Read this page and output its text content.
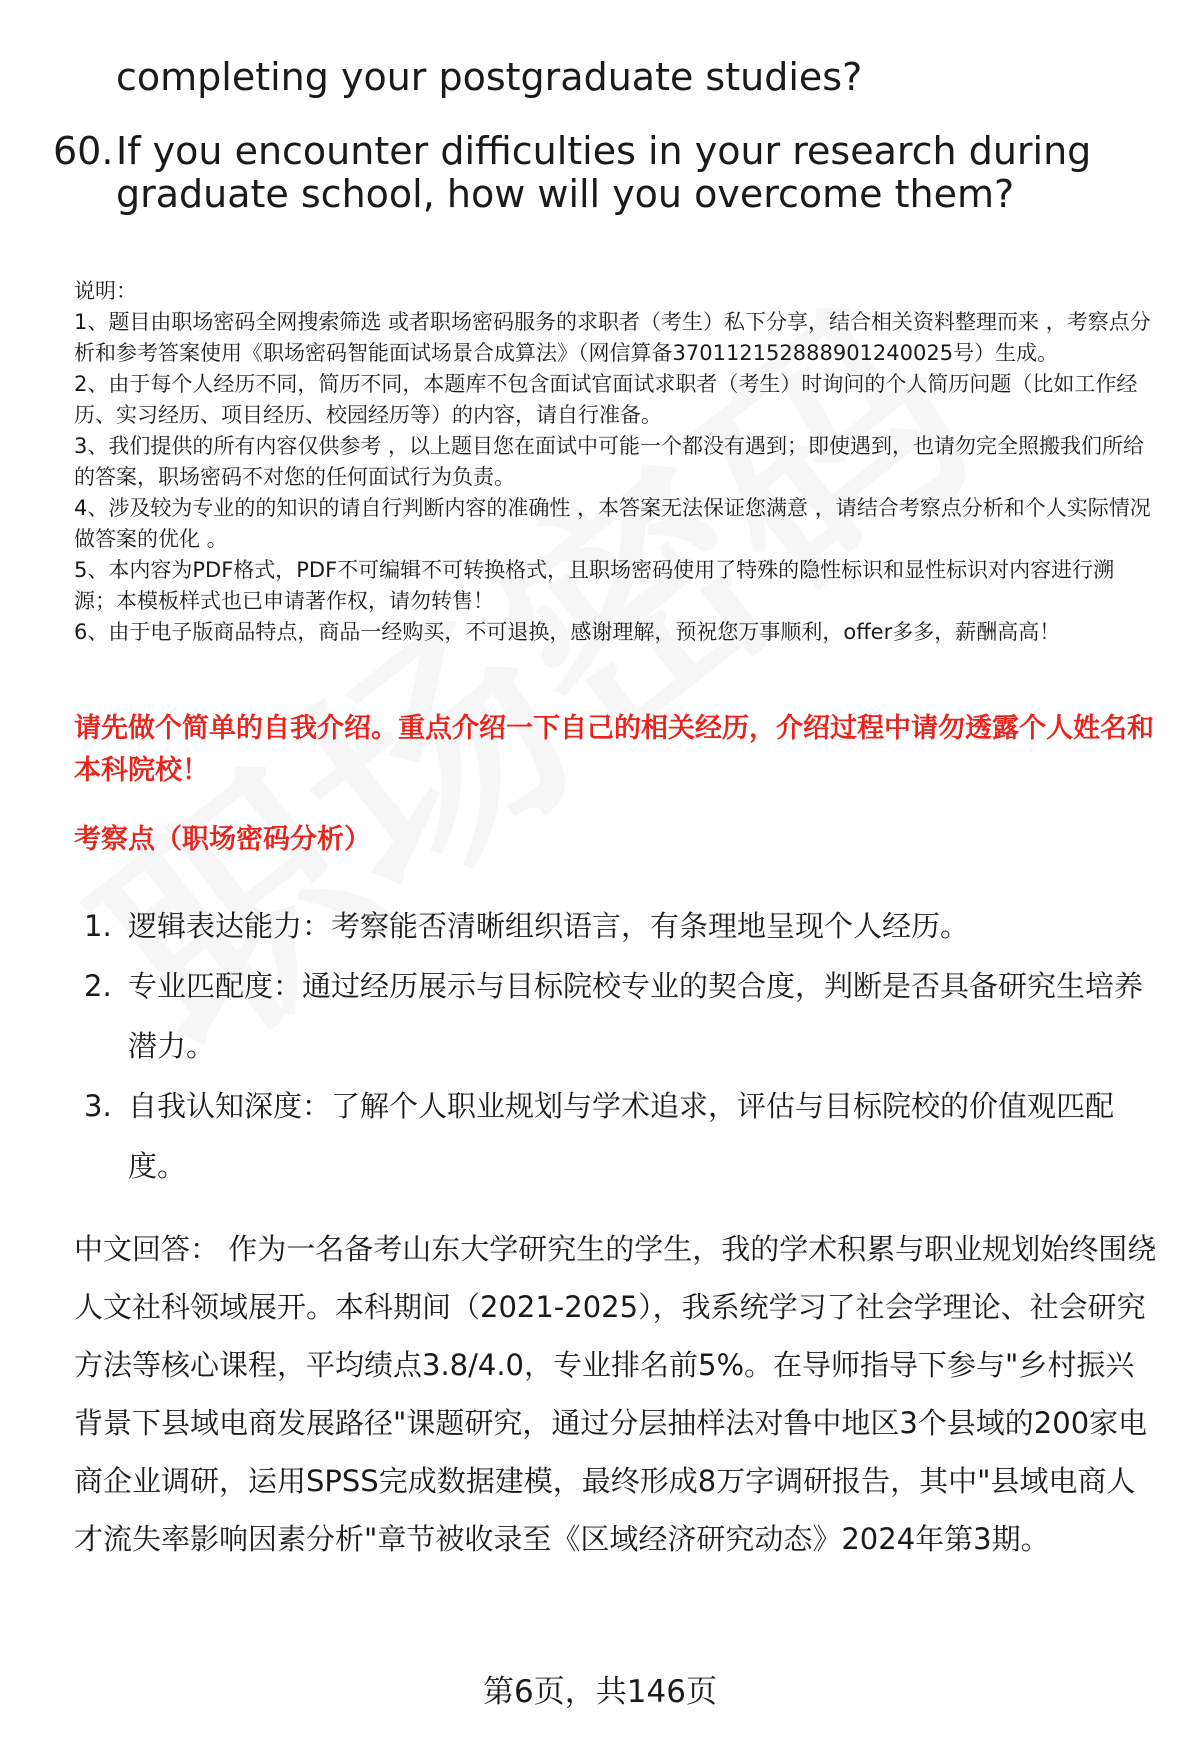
completing your postgraduate studies?
60. If you encounter difficulties in your research during
graduate school, how will you overcome them?

说明：

1、题目由职场密码全网搜索筛选 或者职场密码服务的求职者（考生）私下分享，结合相关资料整理而来 ，考察点分析和参考答案使用《职场密码智能面试场景合成算法》（网信算备370112152888901240025号）生成。

2、由于每个人经历不同，简历不同，本题库不包含面试官面试求职者（考生）时询问的个人简历问题（比如工作经历、实习经历、项目经历、校园经历等）的内容，请自行准备。

3、我们提供的所有内容仅供参考 ，以上题目您在面试中可能一个都没有遇到；即使遇到，也请勿完全照搬我们所给的答案，职场密码不对您的任何面试行为负责。

4、涉及较为专业的的知识的请自行判断内容的准确性 ，本答案无法保证您满意 ，请结合考察点分析和个人实际情况做答案的优化 。

5、本内容为PDF格式，PDF不可编辑不可转换格式，且职场密码使用了特殊的隐性标识和显性标识对内容进行溯源；本模板样式也已申请著作权，请勿转售！

6、由于电子版商品特点，商品一经购买，不可退换，感谢理解，预祝您万事顺利，offer多多，薪酬高高！

请先做个简单的自我介绍。重点介绍一下自己的相关经历，介绍过程中请勿透露个人姓名和本科院校！
考察点（职场密码分析）
1. 逻辑表达能力：考察能否清晰组织语言，有条理地呈现个人经历。
2. 专业匹配度：通过经历展示与目标院校专业的契合度，判断是否具备研究生培养潜力。
3. 自我认知深度：了解个人职业规划与学术追求，评估与目标院校的价值观匹配度。
中文回答： 作为一名备考山东大学研究生的学生，我的学术积累与职业规划始终围绕人文社科领域展开。本科期间（2021-2025），我系统学习了社会学理论、社会研究方法等核心课程，平均绩点3.8/4.0，专业排名前5%。在导师指导下参与"乡村振兴背景下县域电商发展路径"课题研究，通过分层抽样法对鲁中地区3个县域的200家电商企业调研，运用SPSS完成数据建模，最终形成8万字调研报告，其中"县域电商人才流失率影响因素分析"章节被收录至《区域经济研究动态》2024年第3期。
第6页，共146页
